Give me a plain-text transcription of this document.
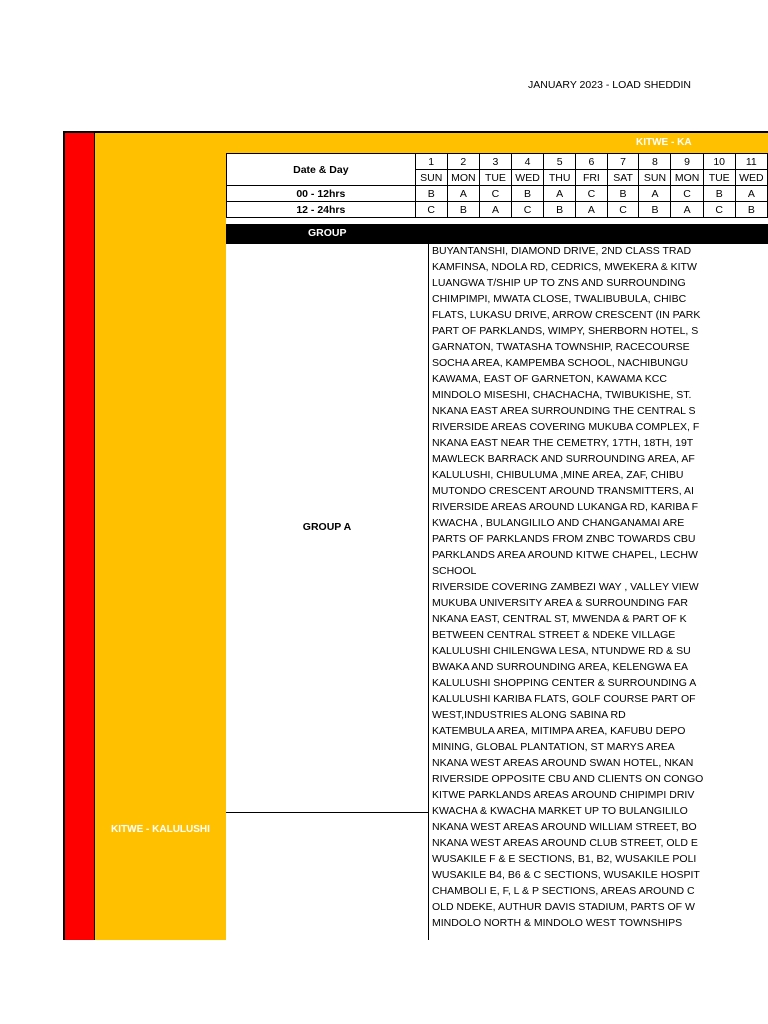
JANUARY 2023 - LOAD SHEDDIN
KITWE - KA
KITWE - KALULUSHI
Date & Day	1	2	3	4	5	6	7	8	9	10	11
	SUN	MON	TUE	WED	THU	FRI	SAT	SUN	MON	TUE	WED
00 - 12hrs	B	A	C	B	A	C	B	A	C	B	A
12 - 24hrs	C	B	A	C	B	A	C	B	A	C	B
GROUP
GROUP A
BUYANTANSHI, DIAMOND DRIVE, 2ND CLASS TRAD
KAMFINSA, NDOLA RD, CEDRICS, MWEKERA & KITW
LUANGWA T/SHIP UP TO ZNS AND SURROUNDING
CHIMPIMPI, MWATA CLOSE, TWALIBUBULA, CHIBC
FLATS, LUKASU DRIVE, ARROW CRESCENT (IN PARK
PART OF PARKLANDS, WIMPY, SHERBORN HOTEL, S
GARNATON, TWATASHA TOWNSHIP, RACECOURSE
SOCHA AREA, KAMPEMBA SCHOOL, NACHIBUNGU
KAWAMA, EAST OF GARNETON, KAWAMA KCC
MINDOLO MISESHI, CHACHACHA, TWIBUKISHE, ST.
NKANA EAST AREA SURROUNDING THE CENTRAL S
RIVERSIDE AREAS COVERING MUKUBA COMPLEX, F
NKANA EAST NEAR THE CEMETRY, 17TH, 18TH, 19T
MAWLECK BARRACK AND SURROUNDING AREA, AF
KALULUSHI, CHIBULUMA ,MINE AREA, ZAF, CHIBU
MUTONDO CRESCENT AROUND TRANSMITTERS, AI
RIVERSIDE AREAS AROUND LUKANGA RD, KARIBA F
KWACHA , BULANGILILO AND CHANGANAMAI ARE
PARTS OF PARKLANDS FROM ZNBC TOWARDS CBU
PARKLANDS AREA AROUND KITWE CHAPEL, LECHW
SCHOOL
RIVERSIDE COVERING ZAMBEZI WAY , VALLEY VIEW
MUKUBA UNIVERSITY AREA & SURROUNDING FAR
NKANA EAST, CENTRAL ST, MWENDA & PART OF K
BETWEEN CENTRAL STREET & NDEKE VILLAGE
KALULUSHI CHILENGWA LESA, NTUNDWE RD & SU
BWAKA AND SURROUNDING AREA, KELENGWA EA
KALULUSHI SHOPPING CENTER & SURROUNDING A
KALULUSHI KARIBA FLATS, GOLF COURSE PART OF
WEST,INDUSTRIES ALONG SABINA RD
KATEMBULA AREA, MITIMPA AREA, KAFUBU DEPO
MINING, GLOBAL PLANTATION, ST MARYS AREA
NKANA WEST AREAS AROUND SWAN HOTEL, NKAN
RIVERSIDE OPPOSITE CBU AND CLIENTS ON CONGO
KITWE PARKLANDS AREAS AROUND CHIPIMPI DRIV
KWACHA & KWACHA MARKET UP TO BULANGILILO
NKANA WEST AREAS AROUND WILLIAM STREET, BO
NKANA WEST AREAS AROUND CLUB STREET, OLD E
WUSAKILE F & E SECTIONS, B1, B2, WUSAKILE POLI
WUSAKILE B4, B6 & C SECTIONS, WUSAKILE HOSPIT
CHAMBOLI E, F, L & P SECTIONS, AREAS AROUND C
OLD NDEKE, AUTHUR DAVIS STADIUM, PARTS OF W
MINDOLO NORTH & MINDOLO WEST TOWNSHIPS
